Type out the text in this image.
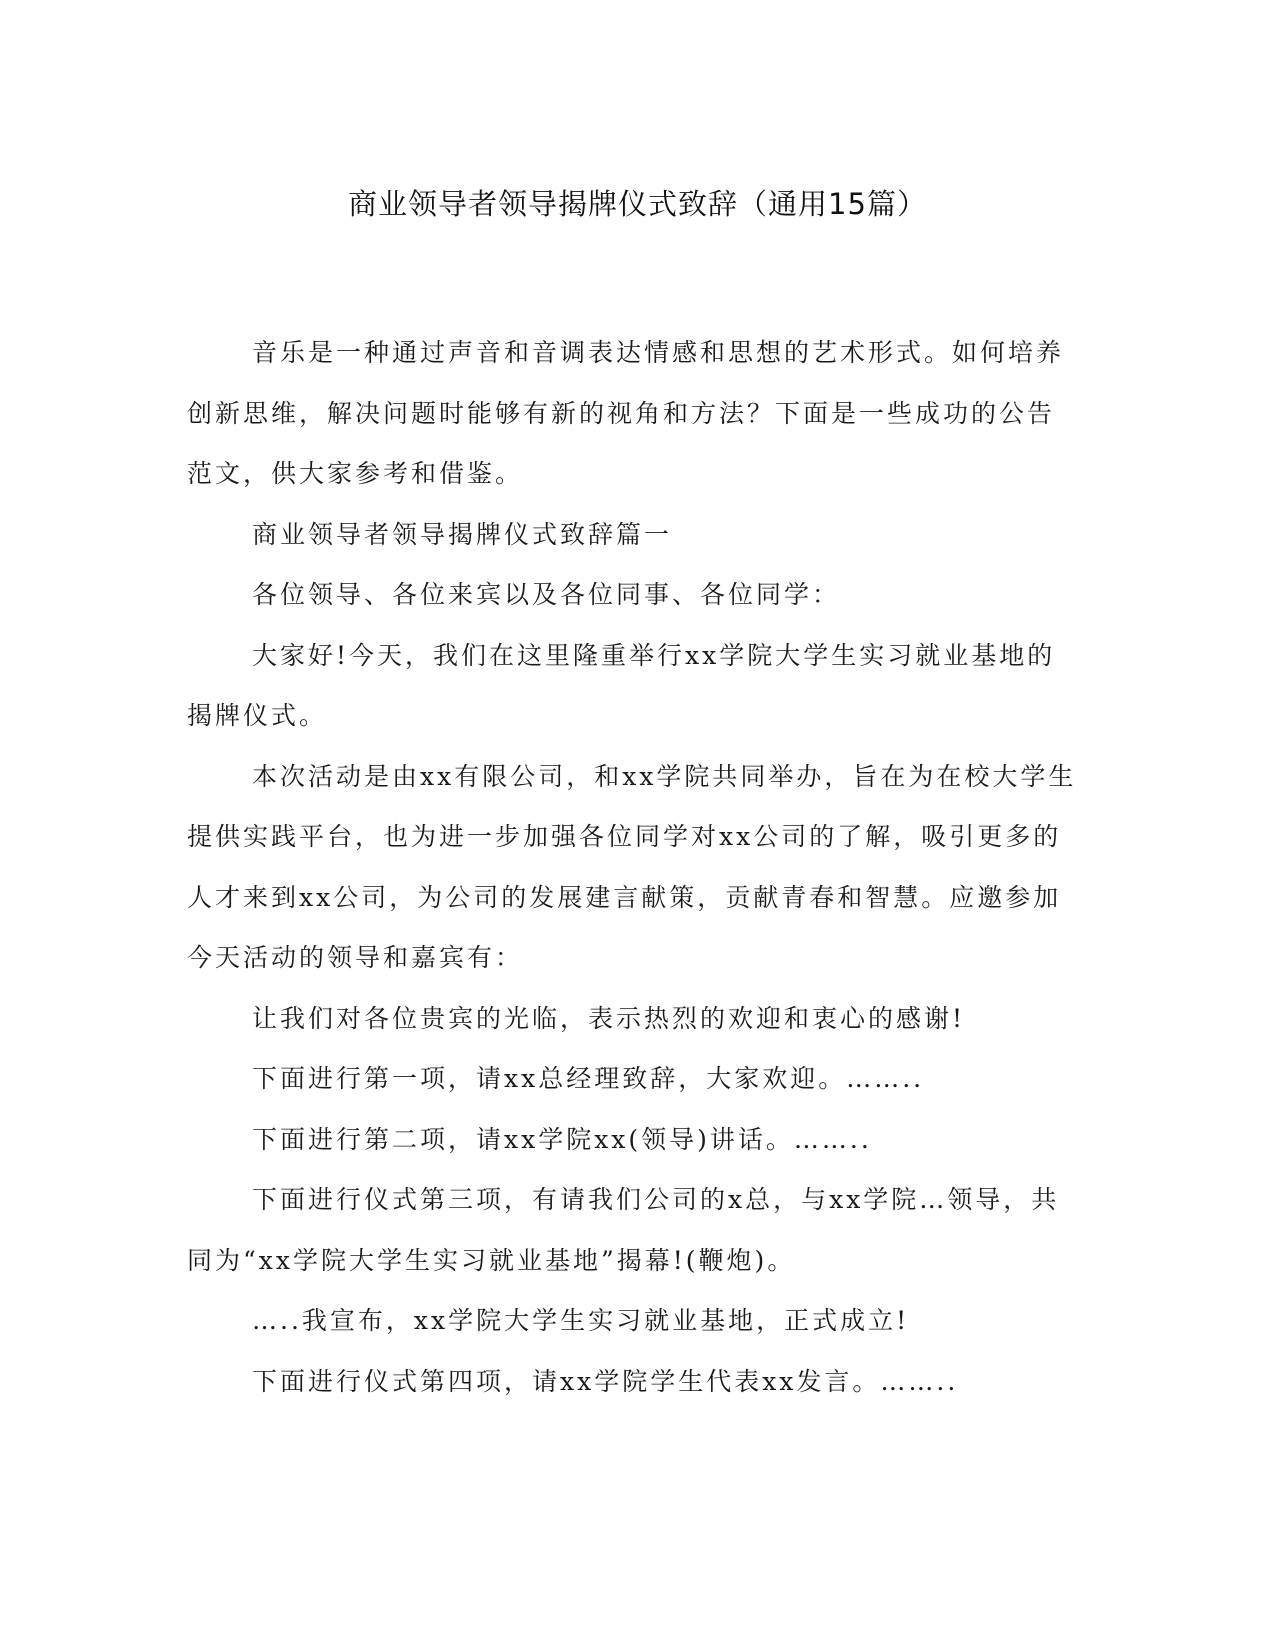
商业领导者领导揭牌仪式致辞（通用15篇）

音乐是一种通过声音和音调表达情感和思想的艺术形式。如何培养创新思维，解决问题时能够有新的视角和方法？下面是一些成功的公告范文，供大家参考和借鉴。

商业领导者领导揭牌仪式致辞篇一

各位领导、各位来宾以及各位同事、各位同学：

大家好!今天，我们在这里隆重举行xx学院大学生实习就业基地的揭牌仪式。

本次活动是由xx有限公司，和xx学院共同举办，旨在为在校大学生提供实践平台，也为进一步加强各位同学对xx公司的了解，吸引更多的人才来到xx公司，为公司的发展建言献策，贡献青春和智慧。应邀参加今天活动的领导和嘉宾有：

让我们对各位贵宾的光临，表示热烈的欢迎和衷心的感谢!

下面进行第一项，请xx总经理致辞，大家欢迎。……..

下面进行第二项，请xx学院xx(领导)讲话。……..

下面进行仪式第三项，有请我们公司的x总，与xx学院…领导，共同为“xx学院大学生实习就业基地”揭幕!(鞭炮)。

…..我宣布，xx学院大学生实习就业基地，正式成立!

下面进行仪式第四项，请xx学院学生代表xx发言。……..
